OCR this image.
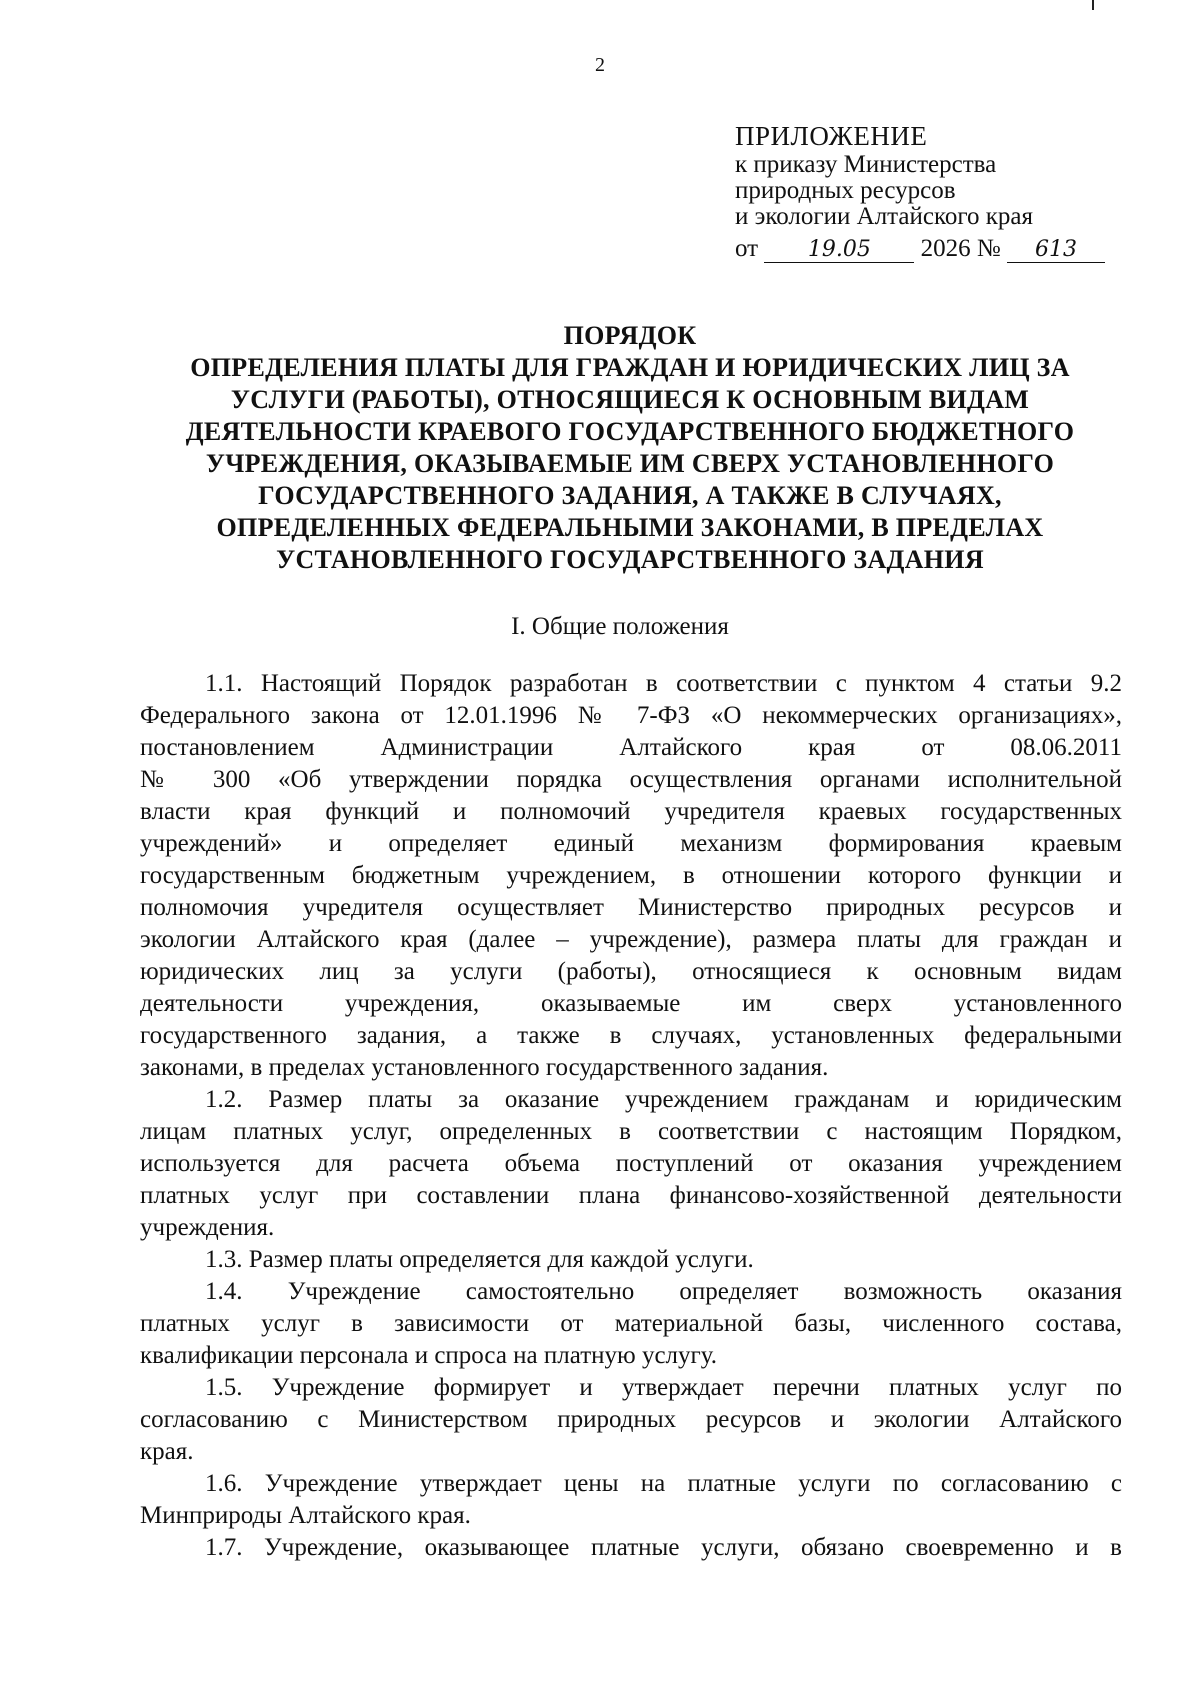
2
ПРИЛОЖЕНИЕ
к приказу Министерства
природных ресурсов
и экологии Алтайского края
от 19.05 2026 № 613
ПОРЯДОК
ОПРЕДЕЛЕНИЯ ПЛАТЫ ДЛЯ ГРАЖДАН И ЮРИДИЧЕСКИХ ЛИЦ ЗА
УСЛУГИ (РАБОТЫ), ОТНОСЯЩИЕСЯ К ОСНОВНЫМ ВИДАМ
ДЕЯТЕЛЬНОСТИ КРАЕВОГО ГОСУДАРСТВЕННОГО БЮДЖЕТНОГО
УЧРЕЖДЕНИЯ, ОКАЗЫВАЕМЫЕ ИМ СВЕРХ УСТАНОВЛЕННОГО
ГОСУДАРСТВЕННОГО ЗАДАНИЯ, А ТАКЖЕ В СЛУЧАЯХ,
ОПРЕДЕЛЕННЫХ ФЕДЕРАЛЬНЫМИ ЗАКОНАМИ, В ПРЕДЕЛАХ
УСТАНОВЛЕННОГО ГОСУДАРСТВЕННОГО ЗАДАНИЯ
I. Общие положения

1.1. Настоящий Порядок разработан в соответствии с пунктом 4 статьи 9.2
Федерального закона от 12.01.1996 № 7-ФЗ «О некоммерческих организациях»,
постановлением Администрации Алтайского края от 08.06.2011
№ 300 «Об утверждении порядка осуществления органами исполнительной
власти края функций и полномочий учредителя краевых государственных
учреждений» и определяет единый механизм формирования краевым
государственным бюджетным учреждением, в отношении которого функции и
полномочия учредителя осуществляет Министерство природных ресурсов и
экологии Алтайского края (далее – учреждение), размера платы для граждан и
юридических лиц за услуги (работы), относящиеся к основным видам
деятельности учреждения, оказываемые им сверх установленного
государственного задания, а также в случаях, установленных федеральными
законами, в пределах установленного государственного задания.

1.2. Размер платы за оказание учреждением гражданам и юридическим
лицам платных услуг, определенных в соответствии с настоящим Порядком,
используется для расчета объема поступлений от оказания учреждением
платных услуг при составлении плана финансово-хозяйственной деятельности
учреждения.

1.3. Размер платы определяется для каждой услуги.

1.4. Учреждение самостоятельно определяет возможность оказания
платных услуг в зависимости от материальной базы, численного состава,
квалификации персонала и спроса на платную услугу.

1.5. Учреждение формирует и утверждает перечни платных услуг по
согласованию с Министерством природных ресурсов и экологии Алтайского
края.

1.6. Учреждение утверждает цены на платные услуги по согласованию с
Минприроды Алтайского края.

1.7. Учреждение, оказывающее платные услуги, обязано своевременно и в
